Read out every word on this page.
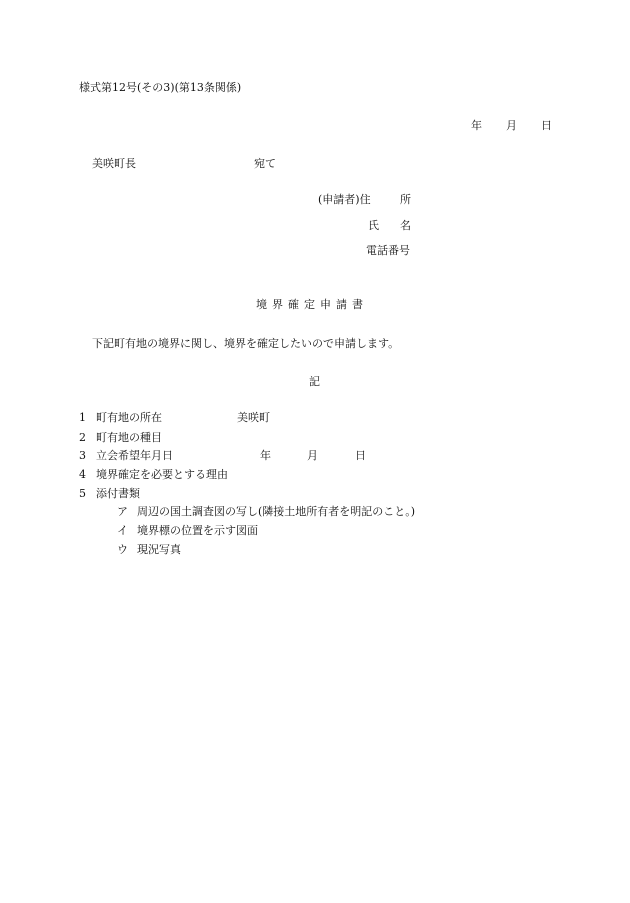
様式第12号(その3)(第13条関係)
年 月 日
美咲町長	宛て
(申請者)住	所
氏 名
電話番号
境界確定申請書
下記町有地の境界に関し、境界を確定したいので申請します。
記
1 町有地の所在	美咲町
2 町有地の種目
3 立会希望年月日	年	月	日
4 境界確定を必要とする理由
5 添付書類
ア 周辺の国土調査図の写し(隣接土地所有者を明記のこと。)
イ 境界標の位置を示す図面
ウ 現況写真
